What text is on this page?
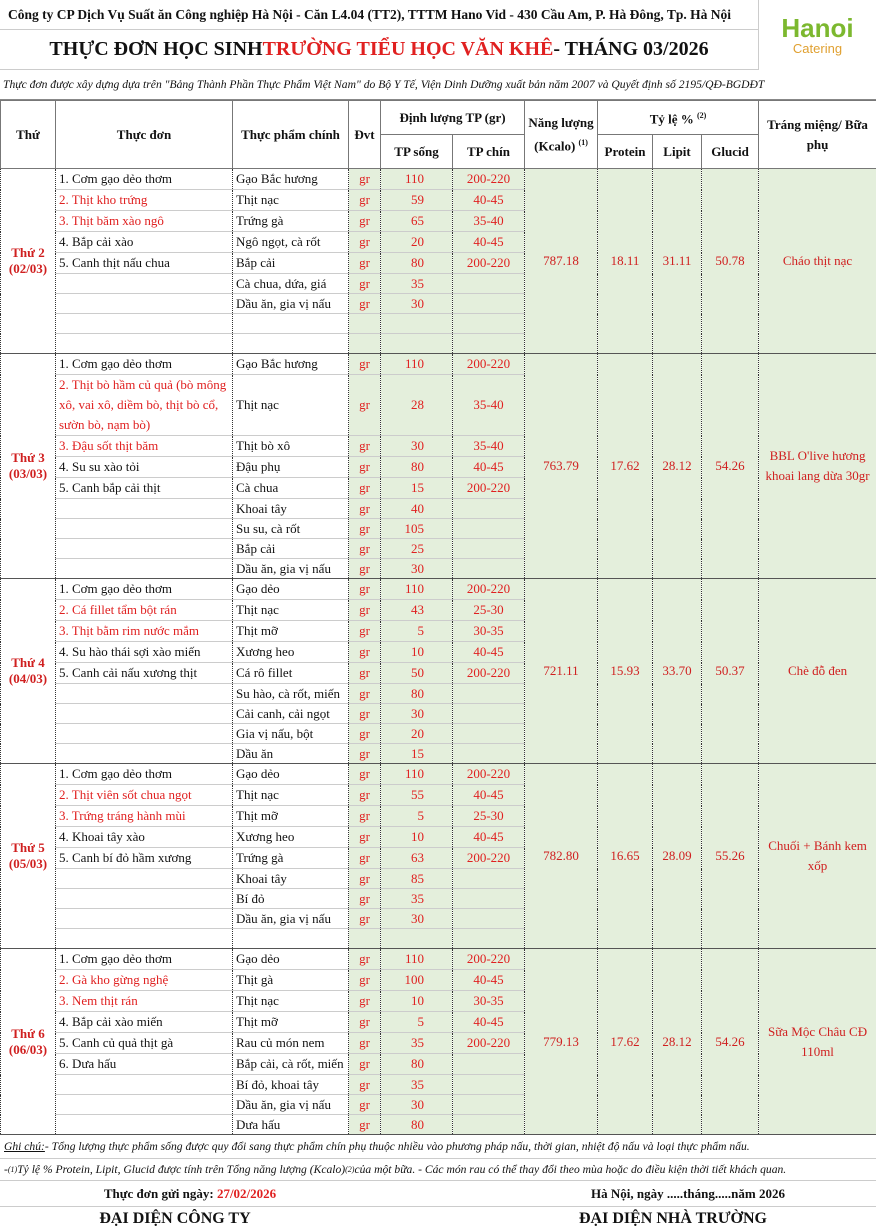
Công ty CP Dịch Vụ Suất ăn Công nghiệp Hà Nội - Căn L4.04 (TT2), TTTM Hano Vid - 430 Cầu Am, P. Hà Đông, Tp. Hà Nội
THỰC ĐƠN HỌC SINH TRƯỜNG TIỂU HỌC VĂN KHÊ - THÁNG 03/2026
Hanoi
Catering
Thực đơn được xây dựng dựa trên "Bảng Thành Phần Thực Phẩm Việt Nam" do Bộ Y Tế, Viện Dinh Dưỡng xuất bản năm 2007 và Quyết định số 2195/QĐ-BGDĐT
Thứ	Thực đơn	Thực phẩm chính	Đvt	Định lượng TP (gr)		Năng lượng (Kcalo) $^{(1)}$	Tỷ lệ % $^{(2)}$			Tráng miệng/ Bữa phụ
				TP sống	TP chín		Protein	Lipit	Glucid	
Thứ 2
(02/03)	1. Cơm gạo dẻo thơm	Gạo Bắc hương	gr	110	200-220	787.18	18.11	31.11	50.78	Cháo thịt nạc
	2. Thịt kho trứng	Thịt nạc	gr	59	40-45					
	3. Thịt băm xào ngô	Trứng gà	gr	65	35-40					
	4. Bắp cải xào	Ngô ngọt, cà rốt	gr	20	40-45					
	5. Canh thịt nấu chua	Bắp cải	gr	80	200-220					
		Cà chua, dứa, giá	gr	35						
		Dầu ăn, gia vị nấu	gr	30						

Thứ 3
(03/03)	1. Cơm gạo dẻo thơm	Gạo Bắc hương	gr	110	200-220	763.79	17.62	28.12	54.26	BBL O'live hương khoai lang dừa 30gr
	2. Thịt bò hầm củ quả (bò mông xô, vai xô, diềm bò, thịt bò cổ, sườn bò, nạm bò)	Thịt nạc	gr	28	35-40					
	3. Đậu sốt thịt băm	Thịt bò xô	gr	30	35-40					
	4. Su su xào tỏi	Đậu phụ	gr	80	40-45					
	5. Canh bắp cải thịt	Cà chua	gr	15	200-220					
		Khoai tây	gr	40						
		Su su, cà rốt	gr	105						
		Bắp cải	gr	25						
		Dầu ăn, gia vị nấu	gr	30						
Thứ 4
(04/03)	1. Cơm gạo dẻo thơm	Gạo dẻo	gr	110	200-220	721.11	15.93	33.70	50.37	Chè đỗ đen
	2. Cá fillet tẩm bột rán	Thịt nạc	gr	43	25-30					
	3. Thịt bằm rim nước mắm	Thịt mỡ	gr	5	30-35					
	4. Su hào thái sợi xào miến	Xương heo	gr	10	40-45					
	5. Canh cải nấu xương thịt	Cá rô fillet	gr	50	200-220					
		Su hào, cà rốt, miến	gr	80						
		Cải canh, cải ngọt	gr	30						
		Gia vị nấu, bột	gr	20						
		Dầu ăn	gr	15						
Thứ 5
(05/03)	1. Cơm gạo dẻo thơm	Gạo dẻo	gr	110	200-220	782.80	16.65	28.09	55.26	Chuối + Bánh kem xốp
	2. Thịt viên sốt chua ngọt	Thịt nạc	gr	55	40-45					
	3. Trứng tráng hành mùi	Thịt mỡ	gr	5	25-30					
	4. Khoai tây xào	Xương heo	gr	10	40-45					
	5. Canh bí đỏ hầm xương	Trứng gà	gr	63	200-220					
		Khoai tây	gr	85						
		Bí đỏ	gr	35						
		Dầu ăn, gia vị nấu	gr	30						

Thứ 6
(06/03)	1. Cơm gạo dẻo thơm	Gạo dẻo	gr	110	200-220	779.13	17.62	28.12	54.26	Sữa Mộc Châu CĐ 110ml
	2. Gà kho gừng nghệ	Thịt gà	gr	100	40-45					
	3. Nem thịt rán	Thịt nạc	gr	10	30-35					
	4. Bắp cải xào miến	Thịt mỡ	gr	5	40-45					
	5. Canh củ quả thịt gà	Rau củ món nem	gr	35	200-220					
	6. Dưa hấu	Bắp cải, cà rốt, miến	gr	80						
		Bí đỏ, khoai tây	gr	35						
		Dầu ăn, gia vị nấu	gr	30						
		Dưa hấu	gr	80						
Ghi chú: - Tổng lượng thực phẩm sống được quy đổi sang thực phẩm chín phụ thuộc nhiều vào phương pháp nấu, thời gian, nhiệt độ nấu và loại thực phẩm nấu.
- (1) Tỷ lệ % Protein, Lipit, Glucid được tính trên Tổng năng lượng (Kcalo) (2) của một bữa. - Các món rau có thể thay đổi theo mùa hoặc do điều kiện thời tiết khách quan.
Thực đơn gửi ngày: 27/02/2026	Hà Nội, ngày .....tháng.....năm 2026
ĐẠI DIỆN CÔNG TY	ĐẠI DIỆN NHÀ TRƯỜNG
